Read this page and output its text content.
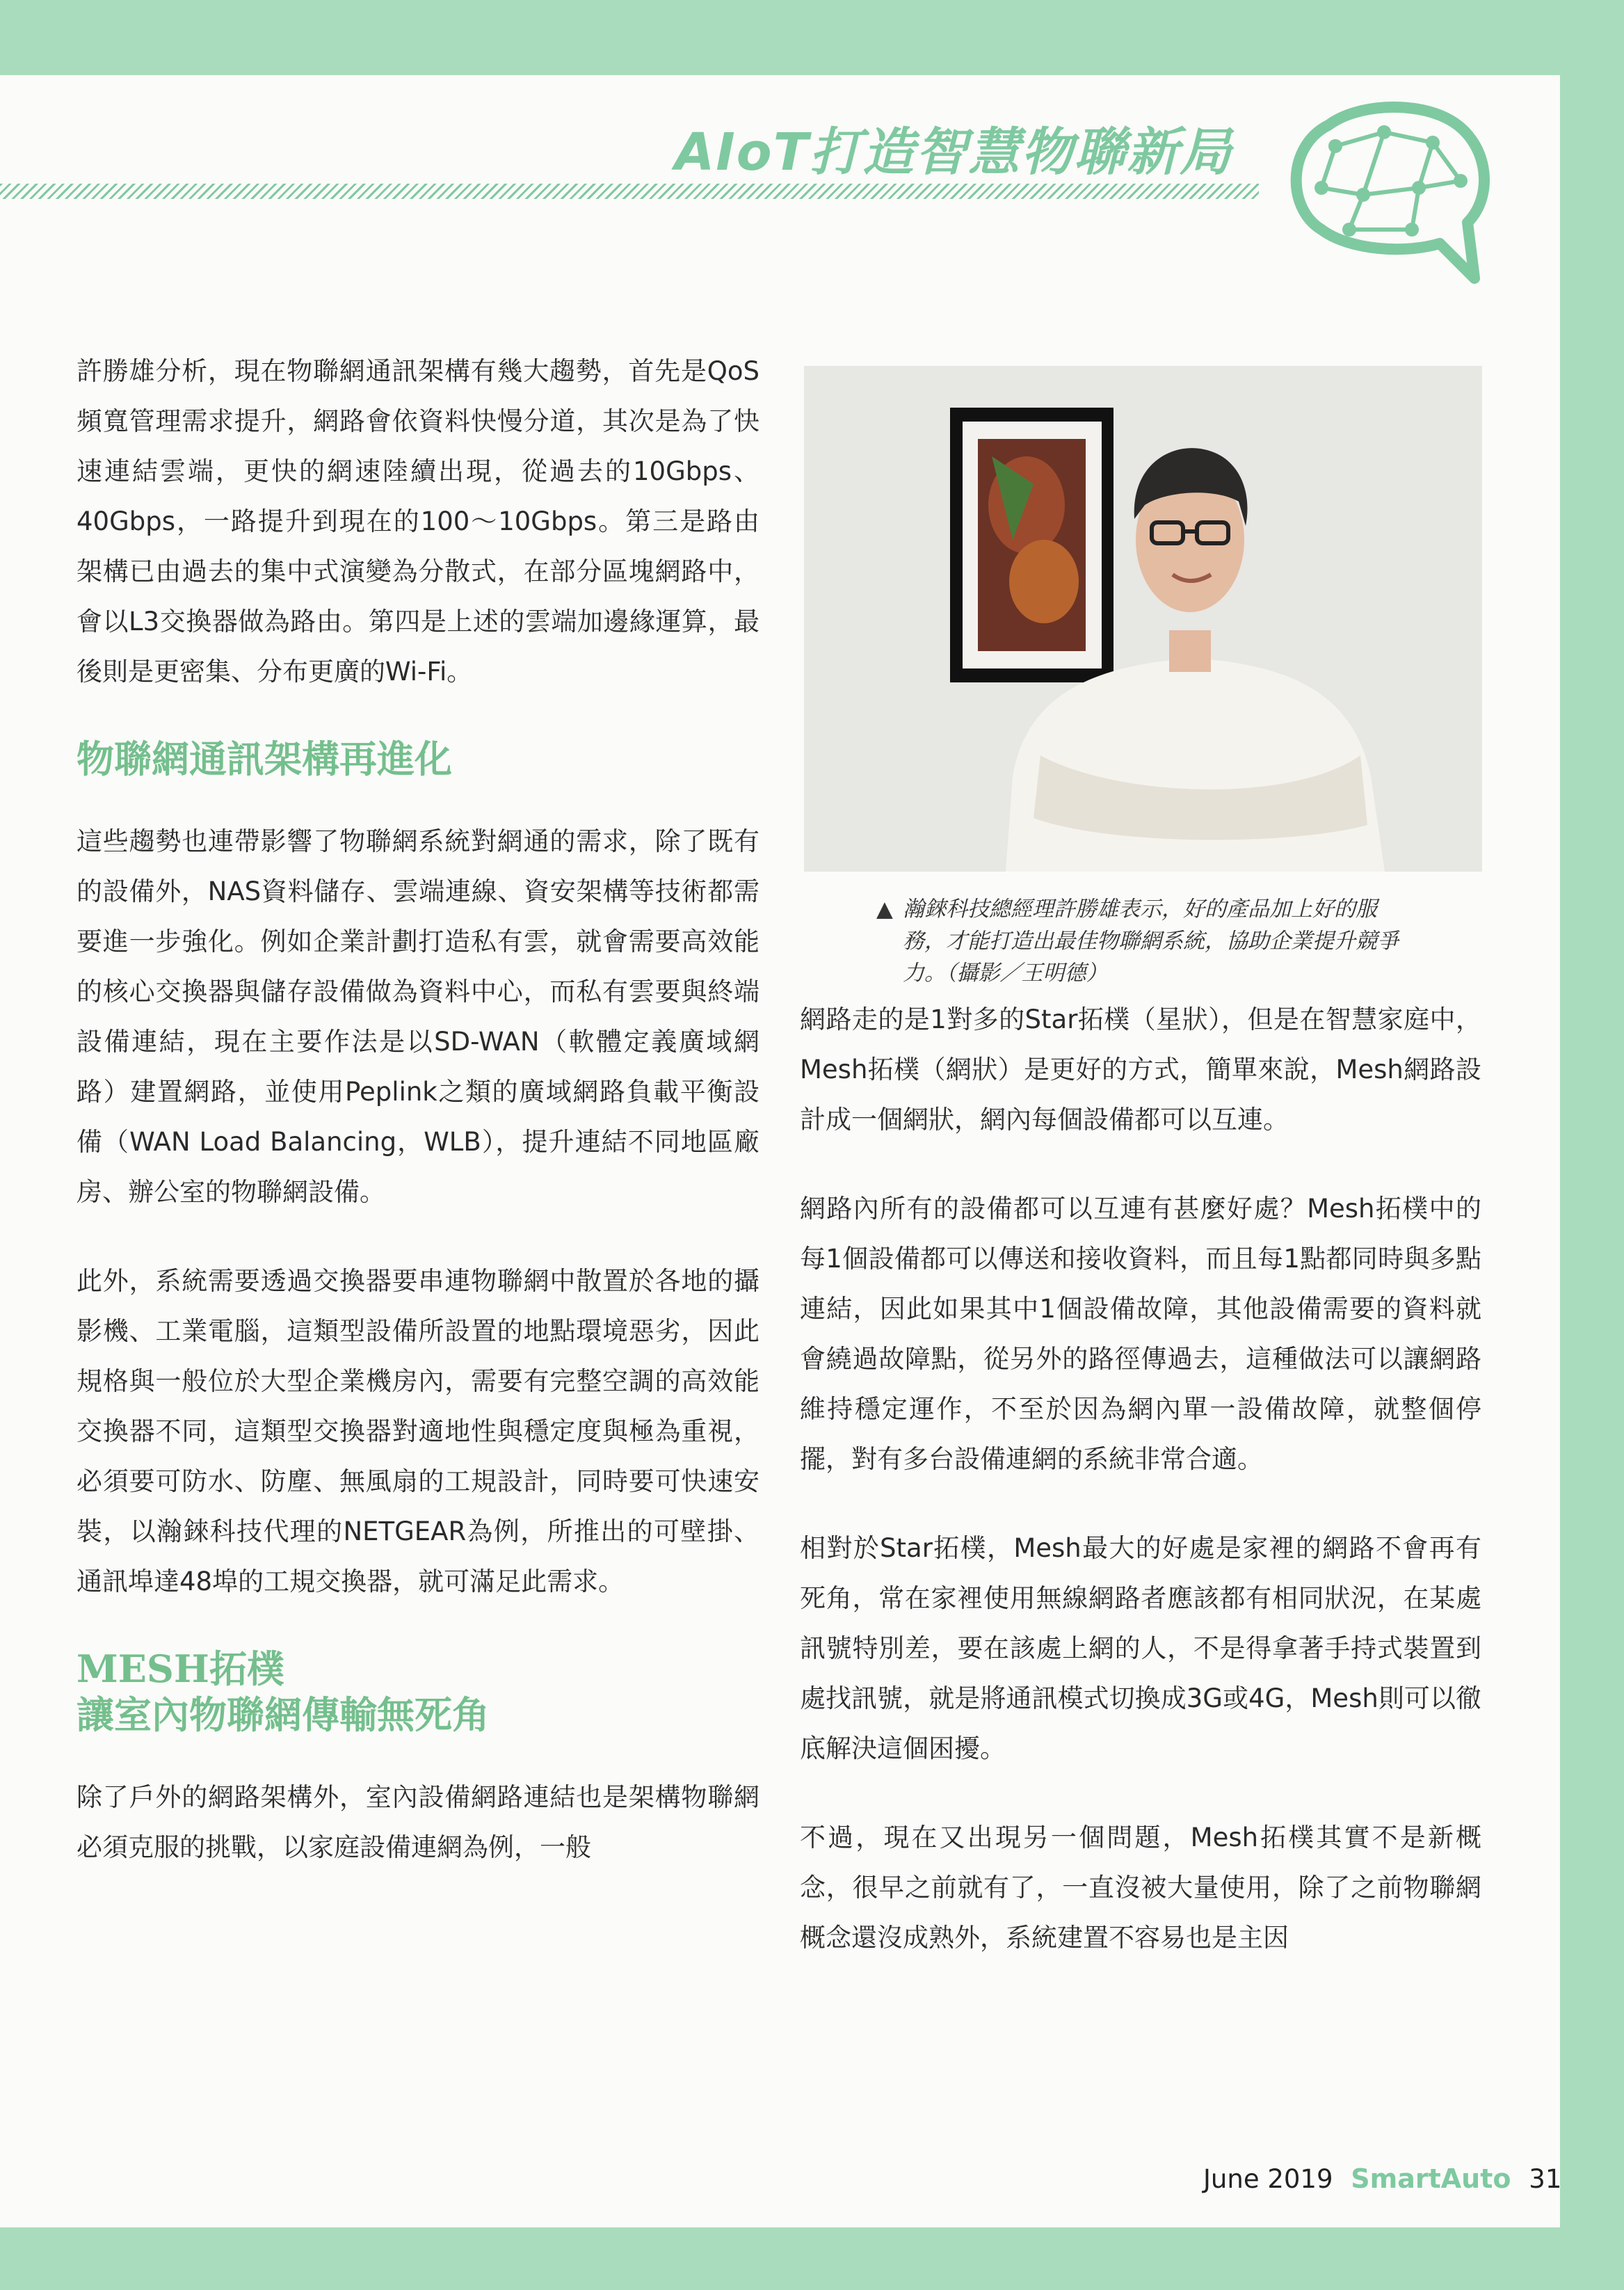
AIoT打造智慧物聯新局

許勝雄分析，現在物聯網通訊架構有幾大趨勢，首先是QoS頻寬管理需求提升，網路會依資料快慢分道，其次是為了快速連結雲端，更快的網速陸續出現，從過去的10Gbps、40Gbps，一路提升到現在的100～10Gbps。第三是路由架構已由過去的集中式演變為分散式，在部分區塊網路中，會以L3交換器做為路由。第四是上述的雲端加邊緣運算，最後則是更密集、分布更廣的Wi-Fi。

物聯網通訊架構再進化

這些趨勢也連帶影響了物聯網系統對網通的需求，除了既有的設備外，NAS資料儲存、雲端連線、資安架構等技術都需要進一步強化。例如企業計劃打造私有雲，就會需要高效能的核心交換器與儲存設備做為資料中心，而私有雲要與終端設備連結，現在主要作法是以SD-WAN（軟體定義廣域網路）建置網路，並使用Peplink之類的廣域網路負載平衡設備（WAN Load Balancing，WLB），提升連結不同地區廠房、辦公室的物聯網設備。

此外，系統需要透過交換器要串連物聯網中散置於各地的攝影機、工業電腦，這類型設備所設置的地點環境惡劣，因此規格與一般位於大型企業機房內，需要有完整空調的高效能交換器不同，這類型交換器對適地性與穩定度與極為重視，必須要可防水、防塵、無風扇的工規設計，同時要可快速安裝，以瀚錸科技代理的NETGEAR為例，所推出的可壁掛、通訊埠達48埠的工規交換器，就可滿足此需求。

MESH拓樸
讓室內物聯網傳輸無死角

除了戶外的網路架構外，室內設備網路連結也是架構物聯網必須克服的挑戰，以家庭設備連網為例，一般

▲ 瀚錸科技總經理許勝雄表示，好的產品加上好的服務，才能打造出最佳物聯網系統，協助企業提升競爭力。（攝影／王明德）

網路走的是1對多的Star拓樸（星狀），但是在智慧家庭中，Mesh拓樸（網狀）是更好的方式，簡單來說，Mesh網路設計成一個網狀，網內每個設備都可以互連。

網路內所有的設備都可以互連有甚麼好處？Mesh拓樸中的每1個設備都可以傳送和接收資料，而且每1點都同時與多點連結，因此如果其中1個設備故障，其他設備需要的資料就會繞過故障點，從另外的路徑傳過去，這種做法可以讓網路維持穩定運作，不至於因為網內單一設備故障，就整個停擺，對有多台設備連網的系統非常合適。

相對於Star拓樸，Mesh最大的好處是家裡的網路不會再有死角，常在家裡使用無線網路者應該都有相同狀況，在某處訊號特別差，要在該處上網的人，不是得拿著手持式裝置到處找訊號，就是將通訊模式切換成3G或4G，Mesh則可以徹底解決這個困擾。

不過，現在又出現另一個問題，Mesh拓樸其實不是新概念，很早之前就有了，一直沒被大量使用，除了之前物聯網概念還沒成熟外，系統建置不容易也是主因

June 2019 SmartAuto 31
